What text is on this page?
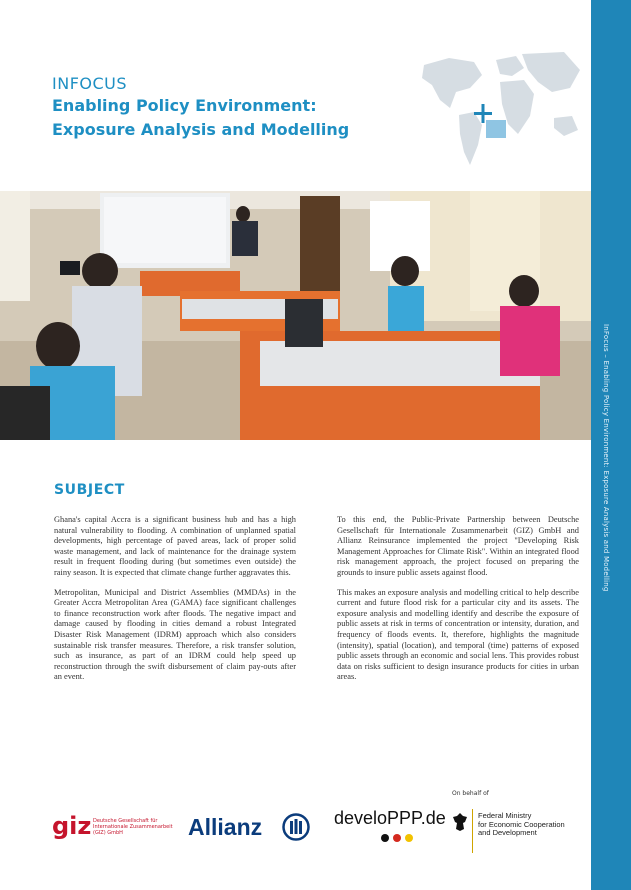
InFocus – Enabling Policy Environment: Exposure Analysis and Modelling
INFOCUS
Enabling Policy Environment:
Exposure Analysis and Modelling
SUBJECT

Ghana's capital Accra is a significant business hub and has a high natural vulnerability to flooding. A combination of unplanned spatial developments, high percentage of paved areas, lack of proper solid waste management, and lack of maintenance for the drainage system result in frequent flooding during (but sometimes even outside) the rainy season. It is expected that climate change further aggravates this.

Metropolitan, Municipal and District Assemblies (MMDAs) in the Greater Accra Metropolitan Area (GAMA) face significant challenges to finance reconstruction work after floods. The negative impact and damage caused by flooding in cities demand a robust Integrated Disaster Risk Management (IDRM) approach which also considers sustainable risk transfer measures. Therefore, a risk transfer solution, such as insurance, as part of an IDRM could help speed up reconstruction through the swift disbursement of claim pay-outs after an event.

To this end, the Public-Private Partnership between Deutsche Gesellschaft für Internationale Zusammenarbeit (GIZ) GmbH and Allianz Reinsurance implemented the project "Developing Risk Management Approaches for Climate Risk". Within an integrated flood risk management approach, the project focused on preparing the grounds to insure public assets against flood.

This makes an exposure analysis and modelling critical to help describe current and future flood risk for a particular city and its assets. The exposure analysis and modelling identify and describe the exposure of public assets at risk in terms of concentration or intensity, duration, and frequency of floods events. It, therefore, highlights the magnitude (intensity), spatial (location), and temporal (time) patterns of exposed public assets through an economic and social lens. This provides robust data on risks sufficient to design insurance products for cities in urban areas.

On behalf of
giz Deutsche Gesellschaft für Internationale Zusammenarbeit (GIZ) GmbH	Allianz	develoPPP.de	Federal Ministry
for Economic Cooperation
and Development
